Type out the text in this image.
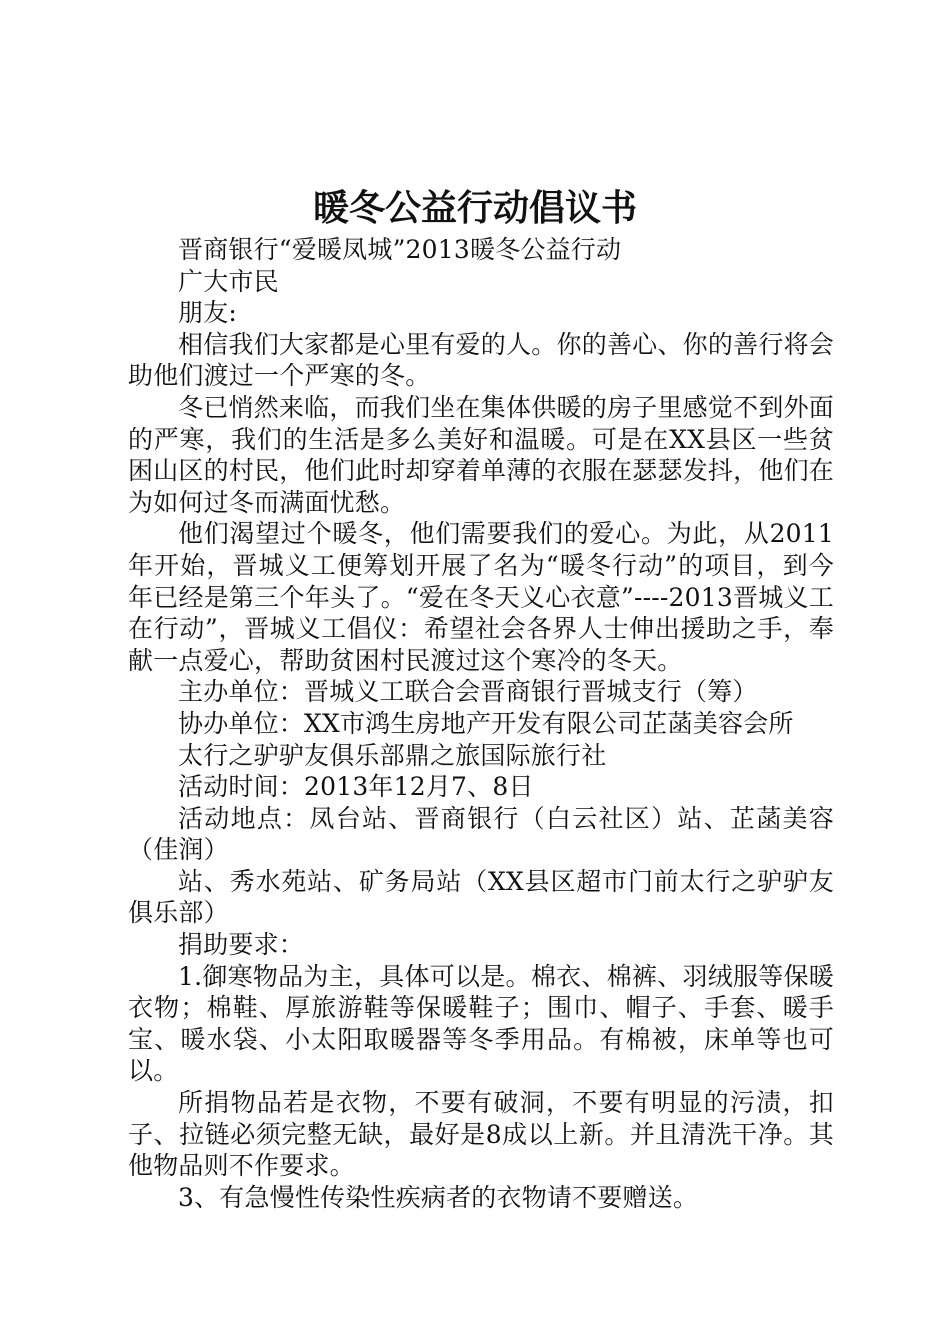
暖冬公益行动倡议书

晋商银行“爱暖凤城”2013暖冬公益行动

广大市民

朋友:

相信我们大家都是心里有爱的人。你的善心、你的善行将会助他们渡过一个严寒的冬。

冬已悄然来临，而我们坐在集体供暖的房子里感觉不到外面的严寒，我们的生活是多么美好和温暖。可是在XX县区一些贫困山区的村民，他们此时却穿着单薄的衣服在瑟瑟发抖，他们在为如何过冬而满面忧愁。

他们渴望过个暖冬，他们需要我们的爱心。为此，从2011年开始，晋城义工便筹划开展了名为“暖冬行动”的项目，到今年已经是第三个年头了。“爱在冬天义心衣意”----2013晋城义工在行动”，晋城义工倡仪：希望社会各界人士伸出援助之手，奉献一点爱心，帮助贫困村民渡过这个寒冷的冬天。

主办单位：晋城义工联合会晋商银行晋城支行（筹）

协办单位：XX市鸿生房地产开发有限公司芷菡美容会所

太行之驴驴友俱乐部鼎之旅国际旅行社

活动时间：2013年12月7、8日

活动地点：凤台站、晋商银行（白云社区）站、芷菡美容（佳润）

站、秀水苑站、矿务局站（XX县区超市门前太行之驴驴友俱乐部）

捐助要求：

1.御寒物品为主，具体可以是。棉衣、棉裤、羽绒服等保暖衣物；棉鞋、厚旅游鞋等保暖鞋子；围巾、帽子、手套、暖手宝、暖水袋、小太阳取暖器等冬季用品。有棉被，床单等也可以。

所捐物品若是衣物，不要有破洞，不要有明显的污渍，扣子、拉链必须完整无缺，最好是8成以上新。并且清洗干净。其他物品则不作要求。

3、有急慢性传染性疾病者的衣物请不要赠送。
